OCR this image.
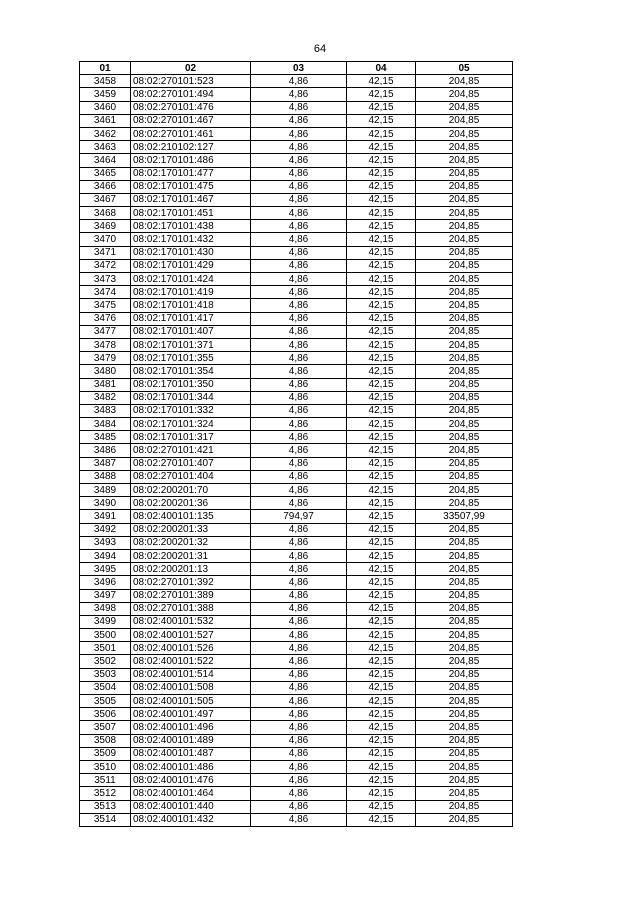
64
01	02	03	04	05
3458	08:02:270101:523	4,86	42,15	204,85
3459	08:02:270101:494	4,86	42,15	204,85
3460	08:02:270101:476	4,86	42,15	204,85
3461	08:02:270101:467	4,86	42,15	204,85
3462	08:02:270101:461	4,86	42,15	204,85
3463	08:02:210102:127	4,86	42,15	204,85
3464	08:02:170101:486	4,86	42,15	204,85
3465	08:02:170101:477	4,86	42,15	204,85
3466	08:02:170101:475	4,86	42,15	204,85
3467	08:02:170101:467	4,86	42,15	204,85
3468	08:02:170101:451	4,86	42,15	204,85
3469	08:02:170101:438	4,86	42,15	204,85
3470	08:02:170101:432	4,86	42,15	204,85
3471	08:02:170101:430	4,86	42,15	204,85
3472	08:02:170101:429	4,86	42,15	204,85
3473	08:02:170101:424	4,86	42,15	204,85
3474	08:02:170101:419	4,86	42,15	204,85
3475	08:02:170101:418	4,86	42,15	204,85
3476	08:02:170101:417	4,86	42,15	204,85
3477	08:02:170101:407	4,86	42,15	204,85
3478	08:02:170101:371	4,86	42,15	204,85
3479	08:02:170101:355	4,86	42,15	204,85
3480	08:02:170101:354	4,86	42,15	204,85
3481	08:02:170101:350	4,86	42,15	204,85
3482	08:02:170101:344	4,86	42,15	204,85
3483	08:02:170101:332	4,86	42,15	204,85
3484	08:02:170101:324	4,86	42,15	204,85
3485	08:02:170101:317	4,86	42,15	204,85
3486	08:02:270101:421	4,86	42,15	204,85
3487	08:02:270101:407	4,86	42,15	204,85
3488	08:02:270101:404	4,86	42,15	204,85
3489	08:02:200201:70	4,86	42,15	204,85
3490	08:02:200201:36	4,86	42,15	204,85
3491	08:02:400101:135	794,97	42,15	33507,99
3492	08:02:200201:33	4,86	42,15	204,85
3493	08:02:200201:32	4,86	42,15	204,85
3494	08:02:200201:31	4,86	42,15	204,85
3495	08:02:200201:13	4,86	42,15	204,85
3496	08:02:270101:392	4,86	42,15	204,85
3497	08:02:270101:389	4,86	42,15	204,85
3498	08:02:270101:388	4,86	42,15	204,85
3499	08:02:400101:532	4,86	42,15	204,85
3500	08:02:400101:527	4,86	42,15	204,85
3501	08:02:400101:526	4,86	42,15	204,85
3502	08:02:400101:522	4,86	42,15	204,85
3503	08:02:400101:514	4,86	42,15	204,85
3504	08:02:400101:508	4,86	42,15	204,85
3505	08:02:400101:505	4,86	42,15	204,85
3506	08:02:400101:497	4,86	42,15	204,85
3507	08:02:400101:496	4,86	42,15	204,85
3508	08:02:400101:489	4,86	42,15	204,85
3509	08:02:400101:487	4,86	42,15	204,85
3510	08:02:400101:486	4,86	42,15	204,85
3511	08:02:400101:476	4,86	42,15	204,85
3512	08:02:400101:464	4,86	42,15	204,85
3513	08:02:400101:440	4,86	42,15	204,85
3514	08:02:400101:432	4,86	42,15	204,85
